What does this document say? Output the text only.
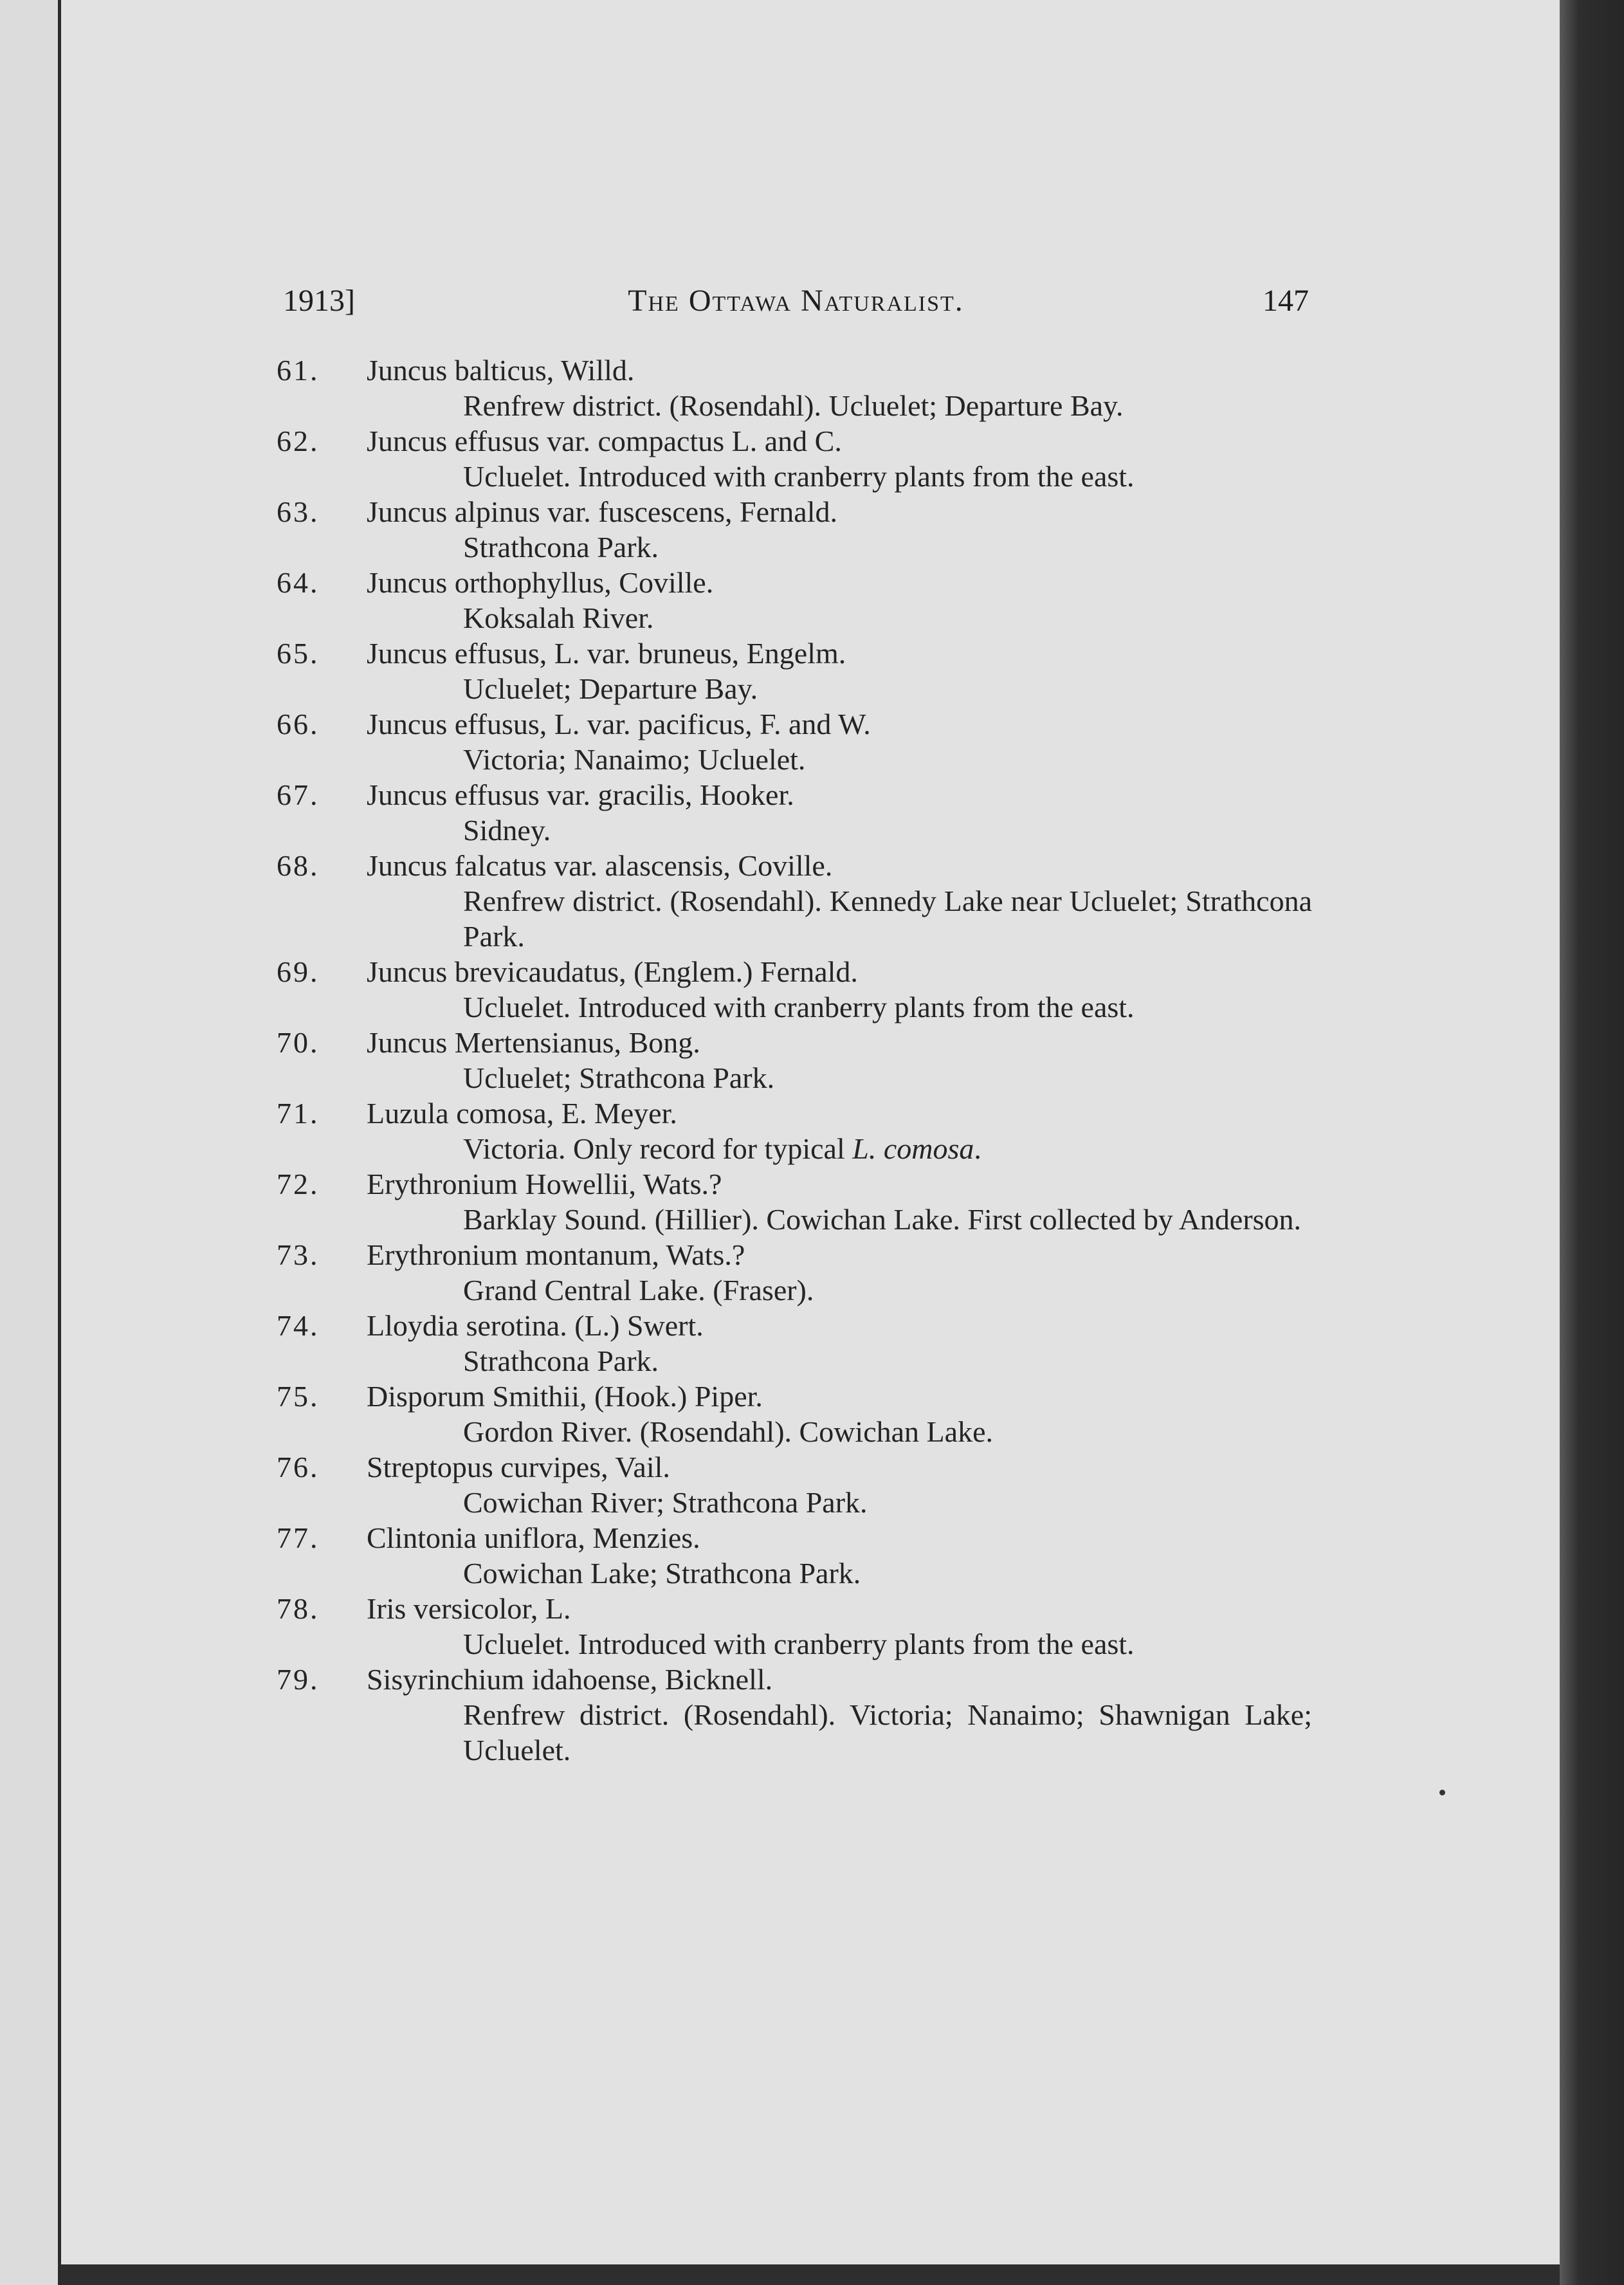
1913]	The Ottawa Naturalist.	147
61.	Juncus balticus, Willd.
Renfrew district. (Rosendahl). Ucluelet; Departure Bay.
62.	Juncus effusus var. compactus L. and C.
Ucluelet. Introduced with cranberry plants from the east.
63.	Juncus alpinus var. fuscescens, Fernald.
Strathcona Park.
64.	Juncus orthophyllus, Coville.
Koksalah River.
65.	Juncus effusus, L. var. bruneus, Engelm.
Ucluelet; Departure Bay.
66.	Juncus effusus, L. var. pacificus, F. and W.
Victoria; Nanaimo; Ucluelet.
67.	Juncus effusus var. gracilis, Hooker.
Sidney.
68.	Juncus falcatus var. alascensis, Coville.
Renfrew district. (Rosendahl). Kennedy Lake near Ucluelet; Strathcona Park.
69.	Juncus brevicaudatus, (Englem.) Fernald.
Ucluelet. Introduced with cranberry plants from the east.
70.	Juncus Mertensianus, Bong.
Ucluelet; Strathcona Park.
71.	Luzula comosa, E. Meyer.
Victoria. Only record for typical L. comosa.
72.	Erythronium Howellii, Wats.?
Barklay Sound. (Hillier). Cowichan Lake. First collected by Anderson.
73.	Erythronium montanum, Wats.?
Grand Central Lake. (Fraser).
74.	Lloydia serotina. (L.) Swert.
Strathcona Park.
75.	Disporum Smithii, (Hook.) Piper.
Gordon River. (Rosendahl). Cowichan Lake.
76.	Streptopus curvipes, Vail.
Cowichan River; Strathcona Park.
77.	Clintonia uniflora, Menzies.
Cowichan Lake; Strathcona Park.
78.	Iris versicolor, L.
Ucluelet. Introduced with cranberry plants from the east.
79.	Sisyrinchium idahoense, Bicknell.
Renfrew district. (Rosendahl). Victoria; Nanaimo; Shawnigan Lake; Ucluelet.
